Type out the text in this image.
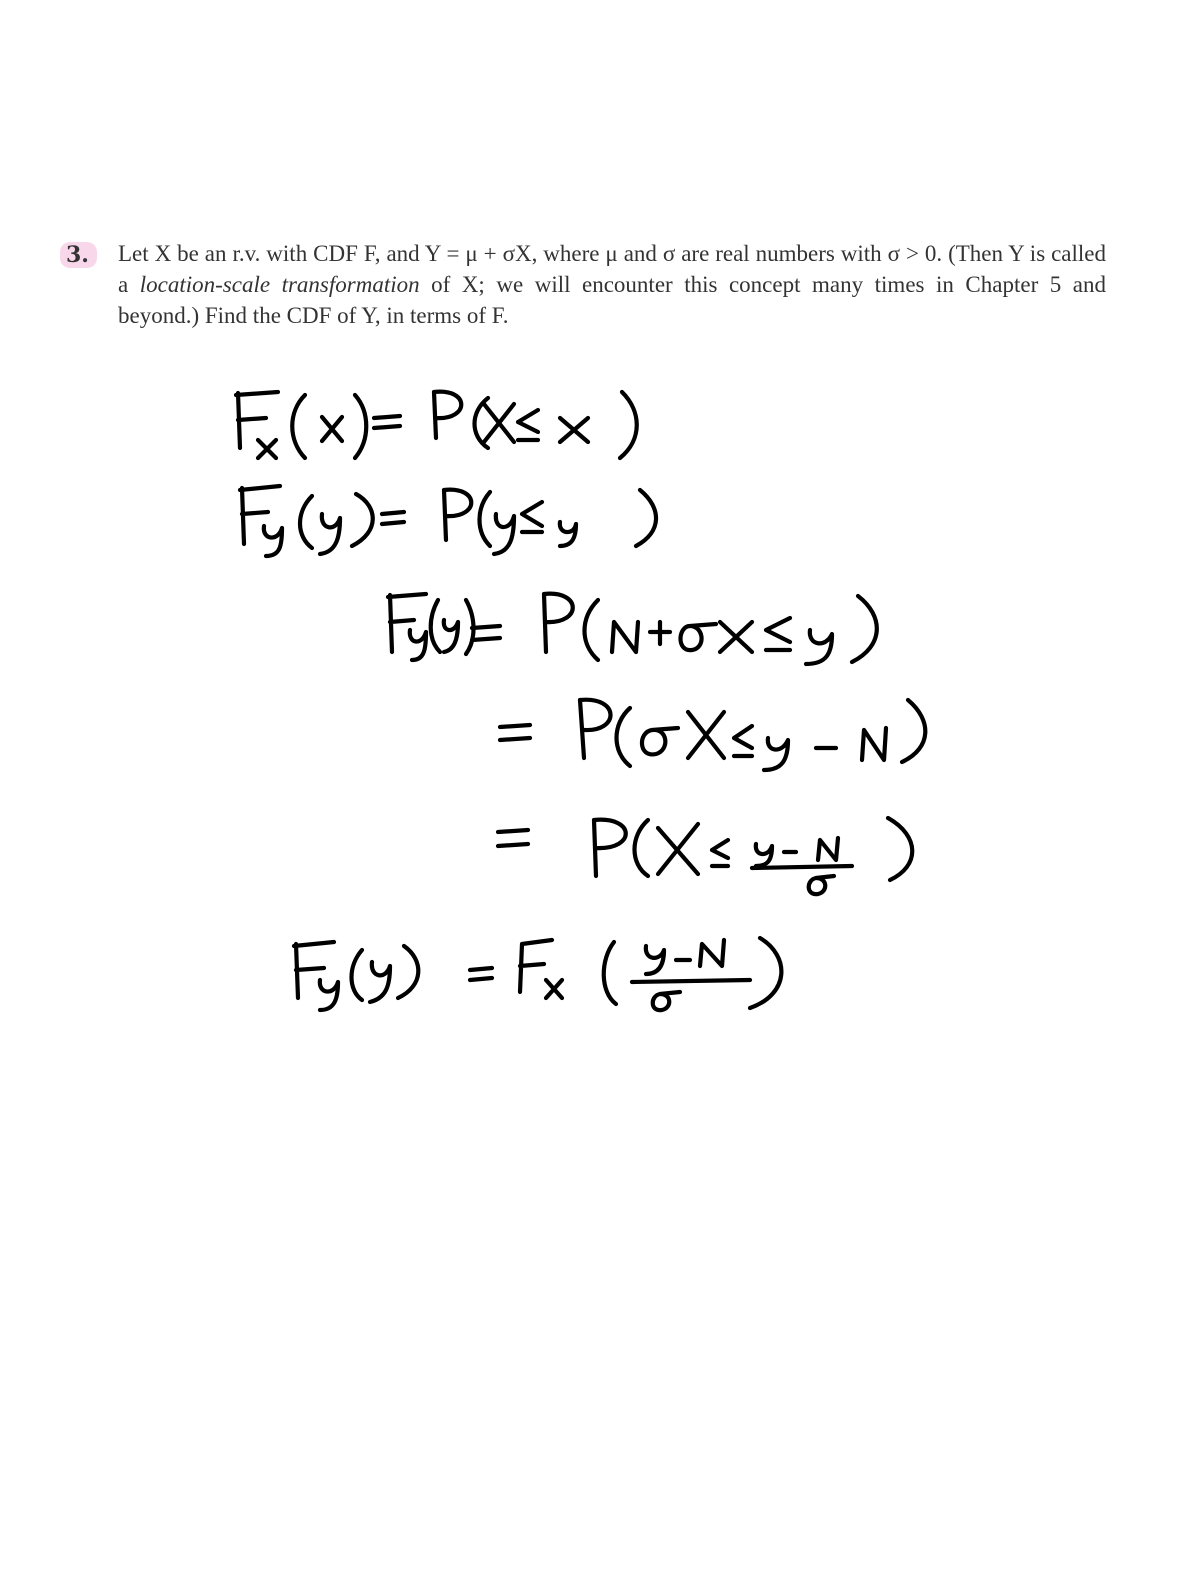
3.	Let X be an r.v. with CDF F, and Y = μ + σX, where μ and σ are real numbers with σ > 0. (Then Y is called a location-scale transformation of X; we will encounter this concept many times in Chapter 5 and beyond.) Find the CDF of Y, in terms of F.
